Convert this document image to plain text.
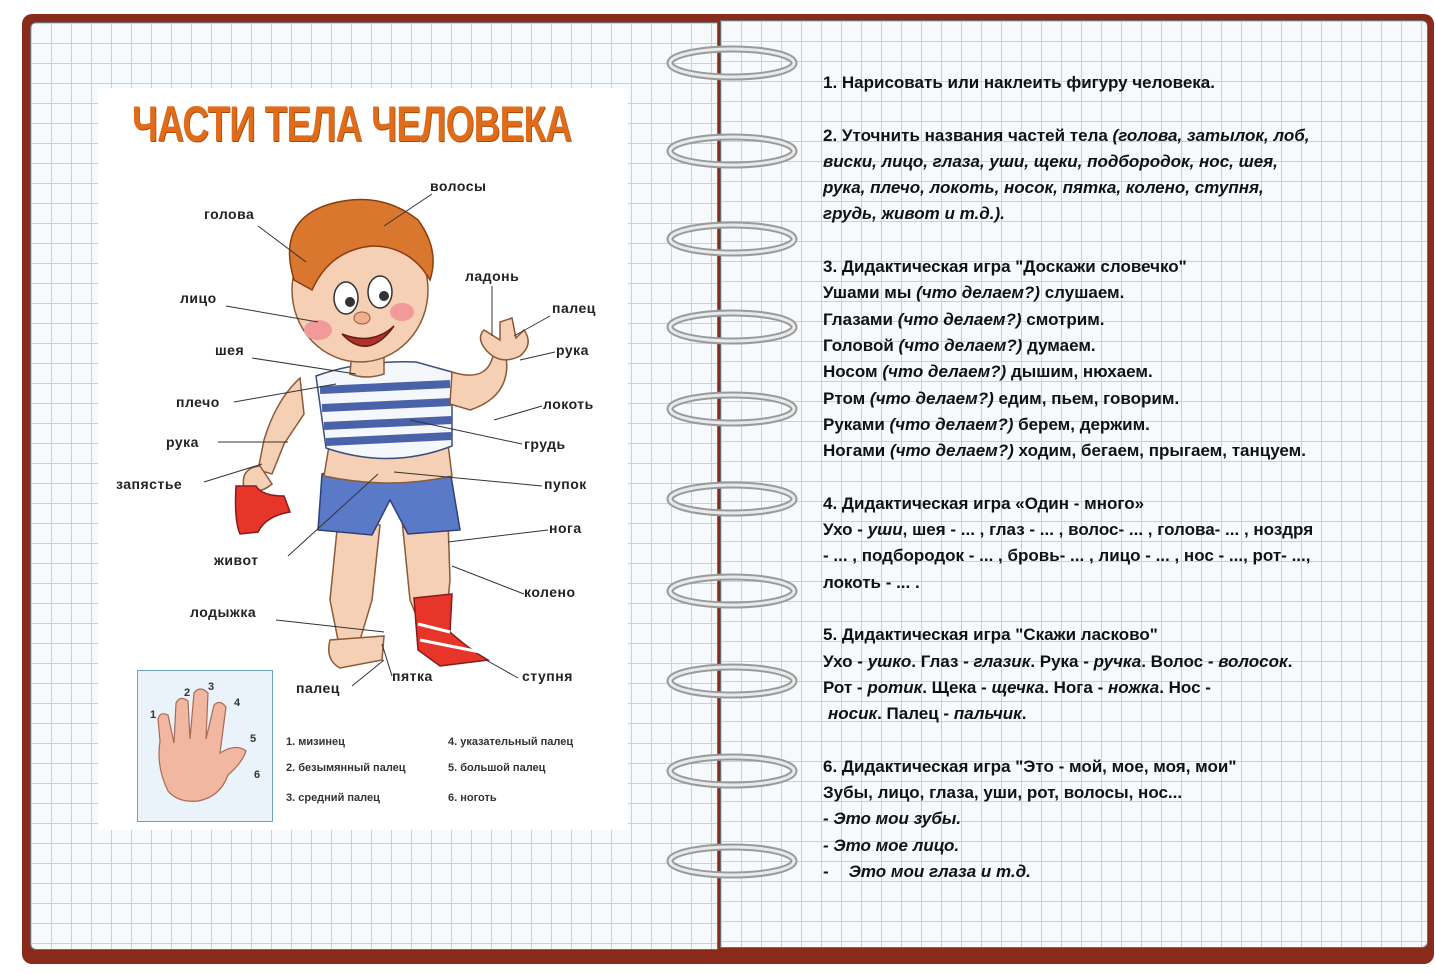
ЧАСТИ ТЕЛА ЧЕЛОВЕКА
волосы
голова
ладонь
палец
лицо
рука
шея
локоть
плечо
грудь
рука
пупок
запястье
нога
живот
колено
лодыжка
пятка	ступня
палец
1
2 3
4
5
6
1. мизинец
2. безымянный палец
3. средний палец
4. указательный палец
5. большой палец
6. ноготь

1. Нарисовать или наклеить фигуру человека.

2. Уточнить названия частей тела (голова, затылок, лоб,

виски, лицо, глаза, уши, щеки, подбородок, нос, шея,

рука, плечо, локоть, носок, пятка, колено, ступня,

грудь, живот и т.д.).

3. Дидактическая игра "Доскажи словечко"

Ушами мы (что делаем?) слушаем.

Глазами (что делаем?) смотрим.

Головой (что делаем?) думаем.

Носом (что делаем?) дышим, нюхаем.

Ртом (что делаем?) едим, пьем, говорим.

Руками (что делаем?) берем, держим.

Ногами (что делаем?) ходим, бегаем, прыгаем, танцуем.

4. Дидактическая игра «Один - много»

Ухо - уши, шея - ... , глаз - ... , волос- ... , голова- ... , ноздря

- ... , подбородок - ... , бровь- ... , лицо - ... , нос - ..., рот- ...,

локоть - ... .

5. Дидактическая игра "Скажи ласково"

Ухо - ушко. Глаз - глазик. Рука - ручка. Волос - волосок.

Рот - ротик. Щека - щечка. Нога - ножка. Нос -

носик. Палец - пальчик.

6. Дидактическая игра "Это - мой, мое, моя, мои"

Зубы, лицо, глаза, уши, рот, волосы, нос...

- Это мои зубы.

- Это мое лицо.

- Это мои глаза и т.д.
